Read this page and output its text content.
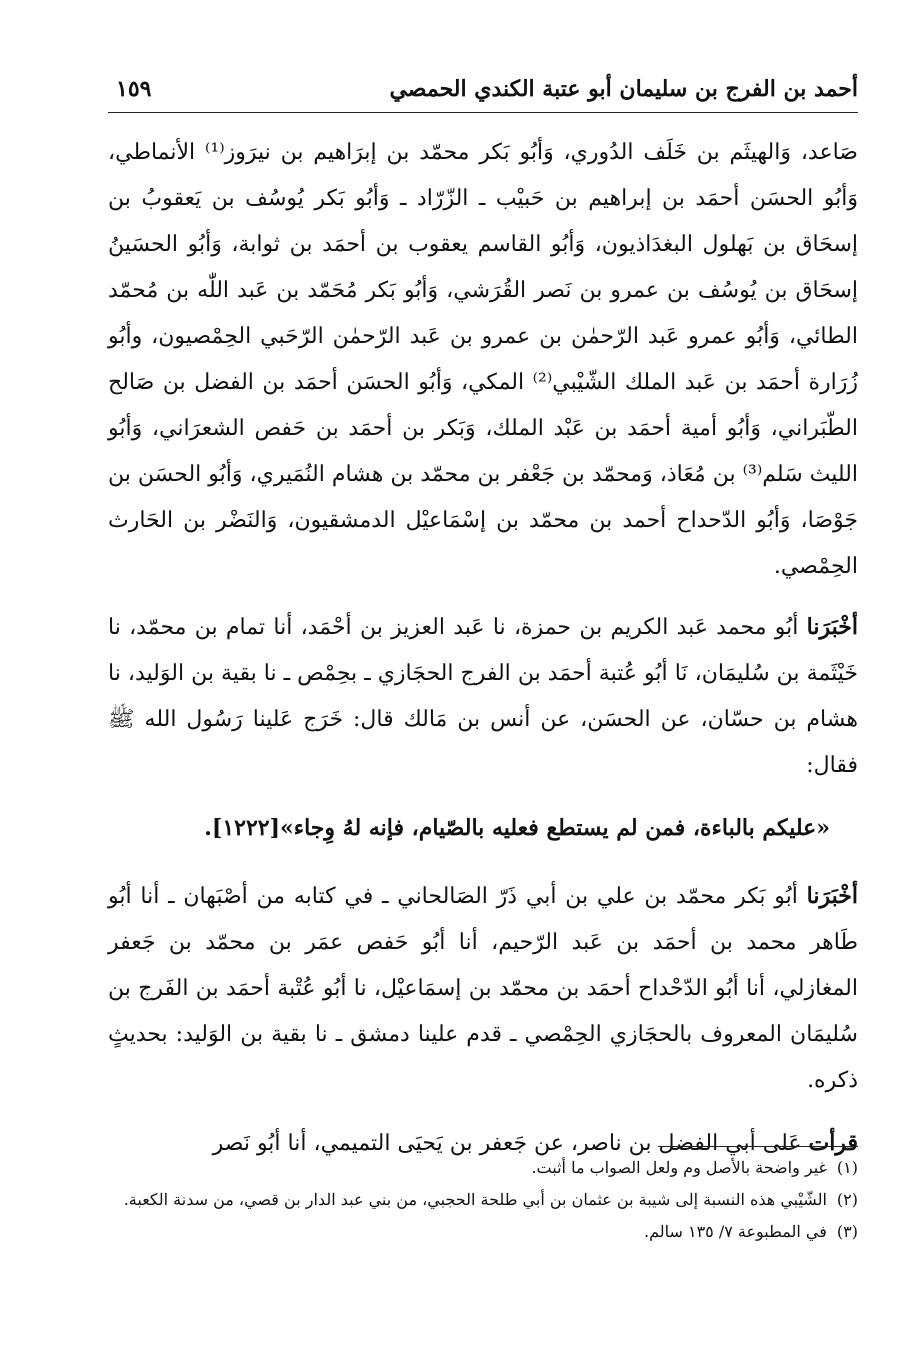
أحمد بن الفرج بن سليمان أبو عتبة الكندي الحمصي
١٥٩

صَاعد، وَالهيثَم بن خَلَف الدُوري، وَأبُو بَكر محمّد بن إبرَاهيم بن نيرَوز⁽¹⁾ الأنماطي، وَأبُو الحسَن أحمَد بن إبراهيم بن حَبيْب ـ الزّرّاد ـ وَأبُو بَكر يُوسُف بن يَعقوبُ بن إسحَاق بن بَهلول البغدَاذيون، وَأبُو القاسم يعقوب بن أحمَد بن ثوابة، وَأبُو الحسَينُ إسحَاق بن يُوسُف بن عمرو بن نَصر القُرَشي، وَأبُو بَكر مُحَمّد بن عَبد اللّٰه بن مُحمّد الطائي، وَأبُو عمرو عَبد الرّحمٰن بن عمرو بن عَبد الرّحمٰن الرّحَبي الحِمْصيون، وأبُو زُرَارة أحمَد بن عَبد الملك الشّيْبي⁽²⁾ المكي، وَأبُو الحسَن أحمَد بن الفضل بن صَالح الطّبَراني، وَأبُو أمية أحمَد بن عَبْد الملك، وَبَكر بن أحمَد بن حَفص الشعرَاني، وَأبُو الليث سَلم⁽³⁾ بن مُعَاذ، وَمحمّد بن جَعْفر بن محمّد بن هشام النُمَيري، وَأبُو الحسَن بن جَوْصَا، وَأبُو الدّحداح أحمد بن محمّد بن إسْمَاعيْل الدمشقيون، وَالنَضْر بن الحَارث الحِمْصي.

أخْبَرَنا أبُو محمد عَبد الكريم بن حمزة، نا عَبد العزيز بن أحْمَد، أنا تمام بن محمّد، نا خَيْثَمة بن سُليمَان، نَا أبُو عُتبة أحمَد بن الفرج الحجَازي ـ بحِمْص ـ نا بقية بن الوَليد، نا هشام بن حسّان، عن الحسَن، عن أنس بن مَالك قال: خَرَج عَلينا رَسُول الله ﷺ فقال:

«عليكم بالباءة، فمن لم يستطع فعليه بالصّيام، فإنه لهُ وِجاء»[١٢٢٢].

أخْبَرَنا أبُو بَكر محمّد بن علي بن أبي ذَرّ الصَالحاني ـ في كتابه من أصْبَهان ـ أنا أبُو طَاهر محمد بن أحمَد بن عَبد الرّحيم، أنا أبُو حَفص عمَر بن محمّد بن جَعفر المغازلي، أنا أبُو الدّحْداح أحمَد بن محمّد بن إسمَاعيْل، نا أبُو عُتْبة أحمَد بن الفَرج بن سُليمَان المعروف بالحجَازي الحِمْصي ـ قدم علينا دمشق ـ نا بقية بن الوَليد: بحديثٍ ذكره.

قرأت عَلى أبي الفضل بن ناصر، عن جَعفر بن يَحيَى التميمي، أنا أبُو نَصر

(١)غير واضحة بالأصل وم ولعل الصواب ما أثبت.

(٢)الشّيْبي هذه النسبة إلى شيبة بن عثمان بن أبي طلحة الحجبي، من بني عبد الدار بن قصي، من سدنة الكعبة.

(٣)في المطبوعة ٧/ ١٣٥ سالم.
